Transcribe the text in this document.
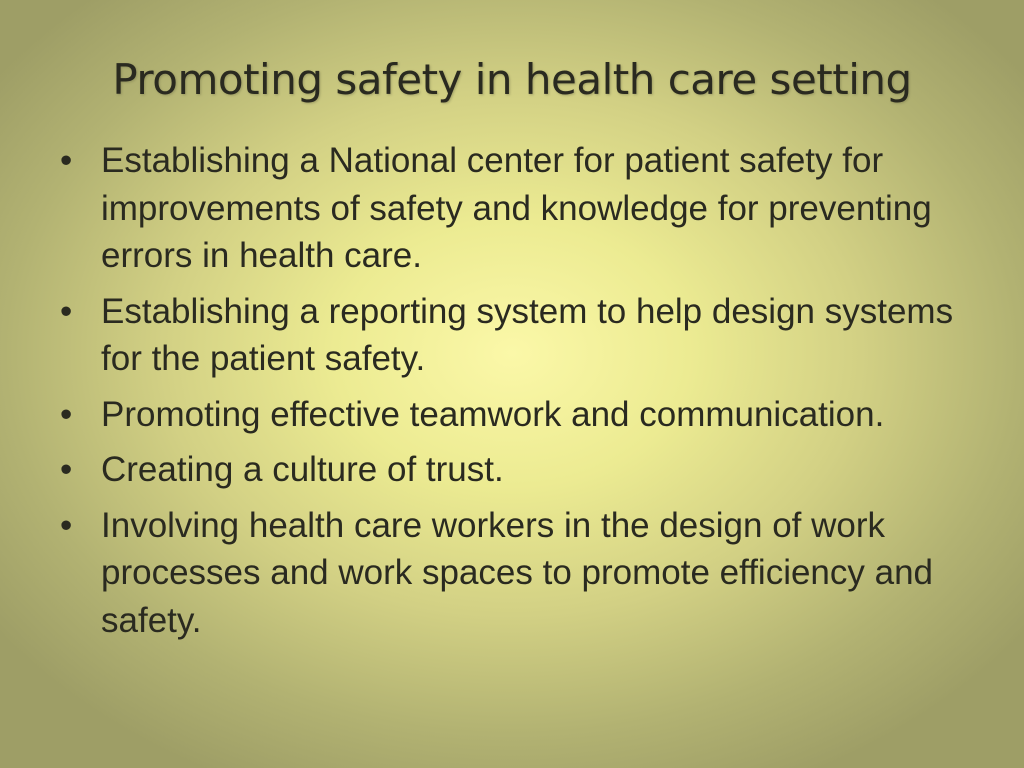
Promoting safety in health care setting
• Establishing a National center for patient safety for improvements of safety and knowledge for preventing errors in health care.
• Establishing a reporting system to help design systems for the patient safety.
• Promoting effective teamwork and communication.
• Creating a culture of trust.
• Involving health care workers in the design of work processes and work spaces to promote efficiency and safety.
